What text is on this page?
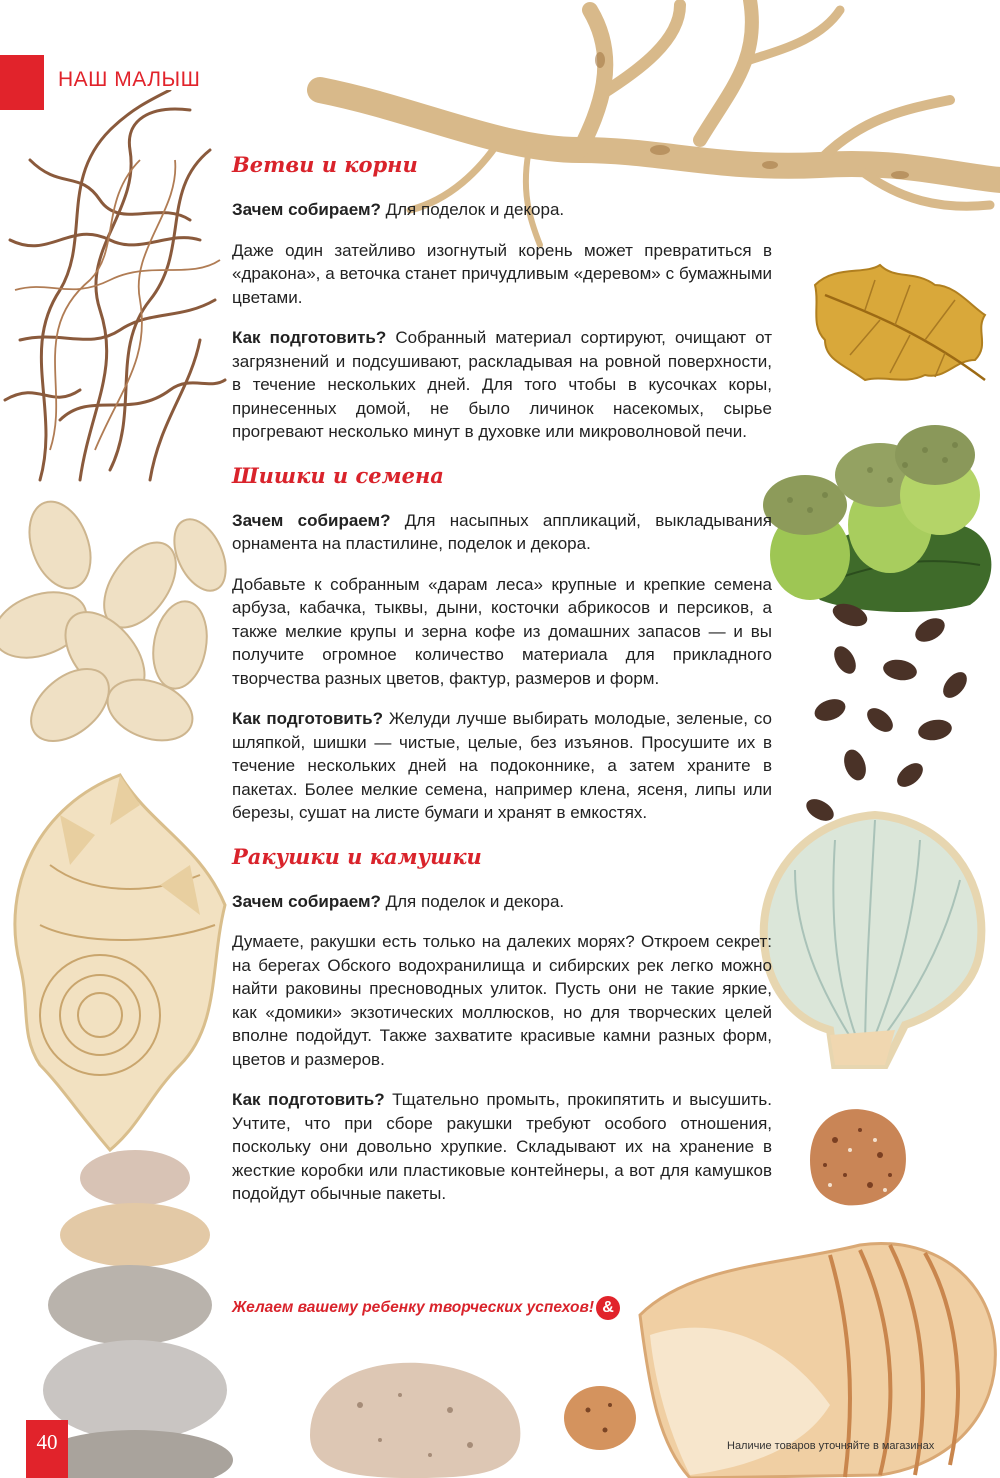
НАШ МАЛЫШ
Ветви и корни

Зачем собираем? Для поделок и декора.

Даже один затейливо изогнутый корень может превратиться в «дракона», а веточка станет причудливым «деревом» с бумажными цветами.

Как подготовить? Собранный материал сортируют, очищают от загрязнений и подсушивают, раскладывая на ровной поверхности, в течение нескольких дней. Для того чтобы в кусочках коры, принесенных домой, не было личинок насекомых, сырье прогревают несколько минут в духовке или микроволновой печи.

Шишки и семена

Зачем собираем? Для насыпных аппликаций, выкладывания орнамента на пластилине, поделок и декора.

Добавьте к собранным «дарам леса» крупные и крепкие семена арбуза, кабачка, тыквы, дыни, косточки абрикосов и персиков, а также мелкие крупы и зерна кофе из домашних запасов — и вы получите огромное количество материала для прикладного творчества разных цветов, фактур, размеров и форм.

Как подготовить? Желуди лучше выбирать молодые, зеленые, со шляпкой, шишки — чистые, целые, без изъянов. Просушите их в течение нескольких дней на подоконнике, а затем храните в пакетах. Более мелкие семена, например клена, ясеня, липы или березы, сушат на листе бумаги и хранят в емкостях.

Ракушки и камушки

Зачем собираем? Для поделок и декора.

Думаете, ракушки есть только на далеких морях? Откроем секрет: на берегах Обского водохранилища и сибирских рек легко можно найти раковины пресноводных улиток. Пусть они не такие яркие, как «домики» экзотических моллюсков, но для творческих целей вполне подойдут. Также захватите красивые камни разных форм, цветов и размеров.

Как подготовить? Тщательно промыть, прокипятить и высушить. Учтите, что при сборе ракушки требуют особого отношения, поскольку они довольно хрупкие. Складывают их на хранение в жесткие коробки или пластиковые контейнеры, а вот для камушков подойдут обычные пакеты.

Желаем вашему ребенку творческих успехов! &
Наличие товаров уточняйте в магазинах
40
